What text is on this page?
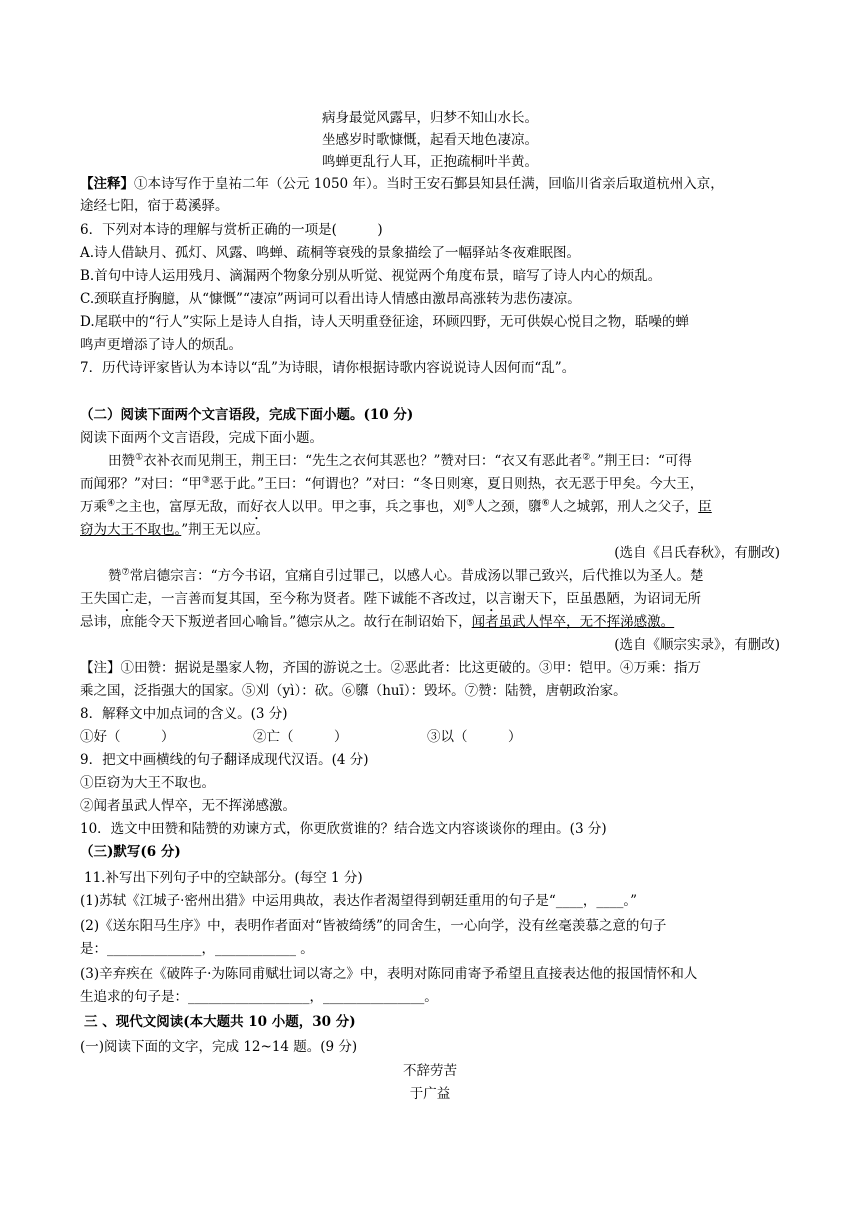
病身最觉风露早，归梦不知山水长。
坐感岁时歌慷慨，起看天地色凄凉。
鸣蝉更乱行人耳，正抱疏桐叶半黄。
【注释】①本诗写作于皇祐二年（公元 1050 年）。当时王安石鄞县知县任满，回临川省亲后取道杭州入京，
途经七阳，宿于葛溪驿。
6．下列对本诗的理解与赏析正确的一项是(　　　)
A.诗人借缺月、孤灯、风露、鸣蝉、疏桐等衰残的景象描绘了一幅驿站冬夜难眠图。
B.首句中诗人运用残月、滴漏两个物象分别从听觉、视觉两个角度布景，暗写了诗人内心的烦乱。
C.颈联直抒胸臆，从“慷慨”“凄凉”两词可以看出诗人情感由激昂高涨转为悲伤凄凉。
D.尾联中的“行人”实际上是诗人自指，诗人天明重登征途，环顾四野，无可供娱心悦目之物，聒噪的蝉
鸣声更增添了诗人的烦乱。
7．历代诗评家皆认为本诗以“乱”为诗眼，请你根据诗歌内容说说诗人因何而“乱”。
（二）阅读下面两个文言语段，完成下面小题。(10 分)
阅读下面两个文言语段，完成下面小题。
田赞①衣补衣而见荆王，荆王曰：“先生之衣何其恶也？”赞对曰：“衣又有恶此者②。”荆王曰：“可得
而闻邪？”对曰：“甲③恶于此。”王曰：“何谓也？”对曰：“冬日则寒，夏日则热，衣无恶于甲矣。今大王，
万乘④之主也，富厚无敌，而好衣人以甲。甲之事，兵之事也，刈⑤人之颈，隳⑥人之城郭，刑人之父子，臣
窃为大王不取也。”荆王无以应。
(选自《吕氏春秋》，有删改)
赞⑦常启德宗言：“方今书诏，宜痛自引过罪己，以感人心。昔成汤以罪己致兴，后代推以为圣人。楚
王失国亡走，一言善而复其国，至今称为贤者。陛下诚能不吝改过，以言谢天下，臣虽愚陋，为诏词无所
忌讳，庶能令天下叛逆者回心喻旨。”德宗从之。故行在制诏始下，闻者虽武人悍卒，无不挥涕感激。
(选自《顺宗实录》，有删改)
【注】①田赞：据说是墨家人物，齐国的游说之士。②恶此者：比这更破的。③甲：铠甲。④万乘：指万
乘之国，泛指强大的国家。⑤刈（yì）：砍。⑥隳（huī）：毁坏。⑦赞：陆赞，唐朝政治家。
8．解释文中加点词的含义。(3 分)
①好（　　　）	②亡（　　　）	③以（　　　）
9．把文中画横线的句子翻译成现代汉语。(4 分)
①臣窃为大王不取也。
②闻者虽武人悍卒，无不挥涕感激。
10．选文中田赞和陆赞的劝谏方式，你更欣赏谁的？结合选文内容谈谈你的理由。(3 分)
（三)默写(6 分)
11.补写出下列句子中的空缺部分。(每空 1 分)
(1)苏轼《江城子·密州出猎》中运用典故，表达作者渴望得到朝廷重用的句子是“____，____。”
(2)《送东阳马生序》中，表明作者面对“皆被绮绣”的同舍生，一心向学，没有丝毫羡慕之意的句子
是：______________，____________ 。
(3)辛弃疾在《破阵子·为陈同甫赋壮词以寄之》中，表明对陈同甫寄予希望且直接表达他的报国情怀和人
生追求的句子是：__________________，_______________。
三 、现代文阅读(本大题共 10 小题，30 分)
(一)阅读下面的文字，完成 12~14 题。(9 分)
不辞劳苦
于广益
